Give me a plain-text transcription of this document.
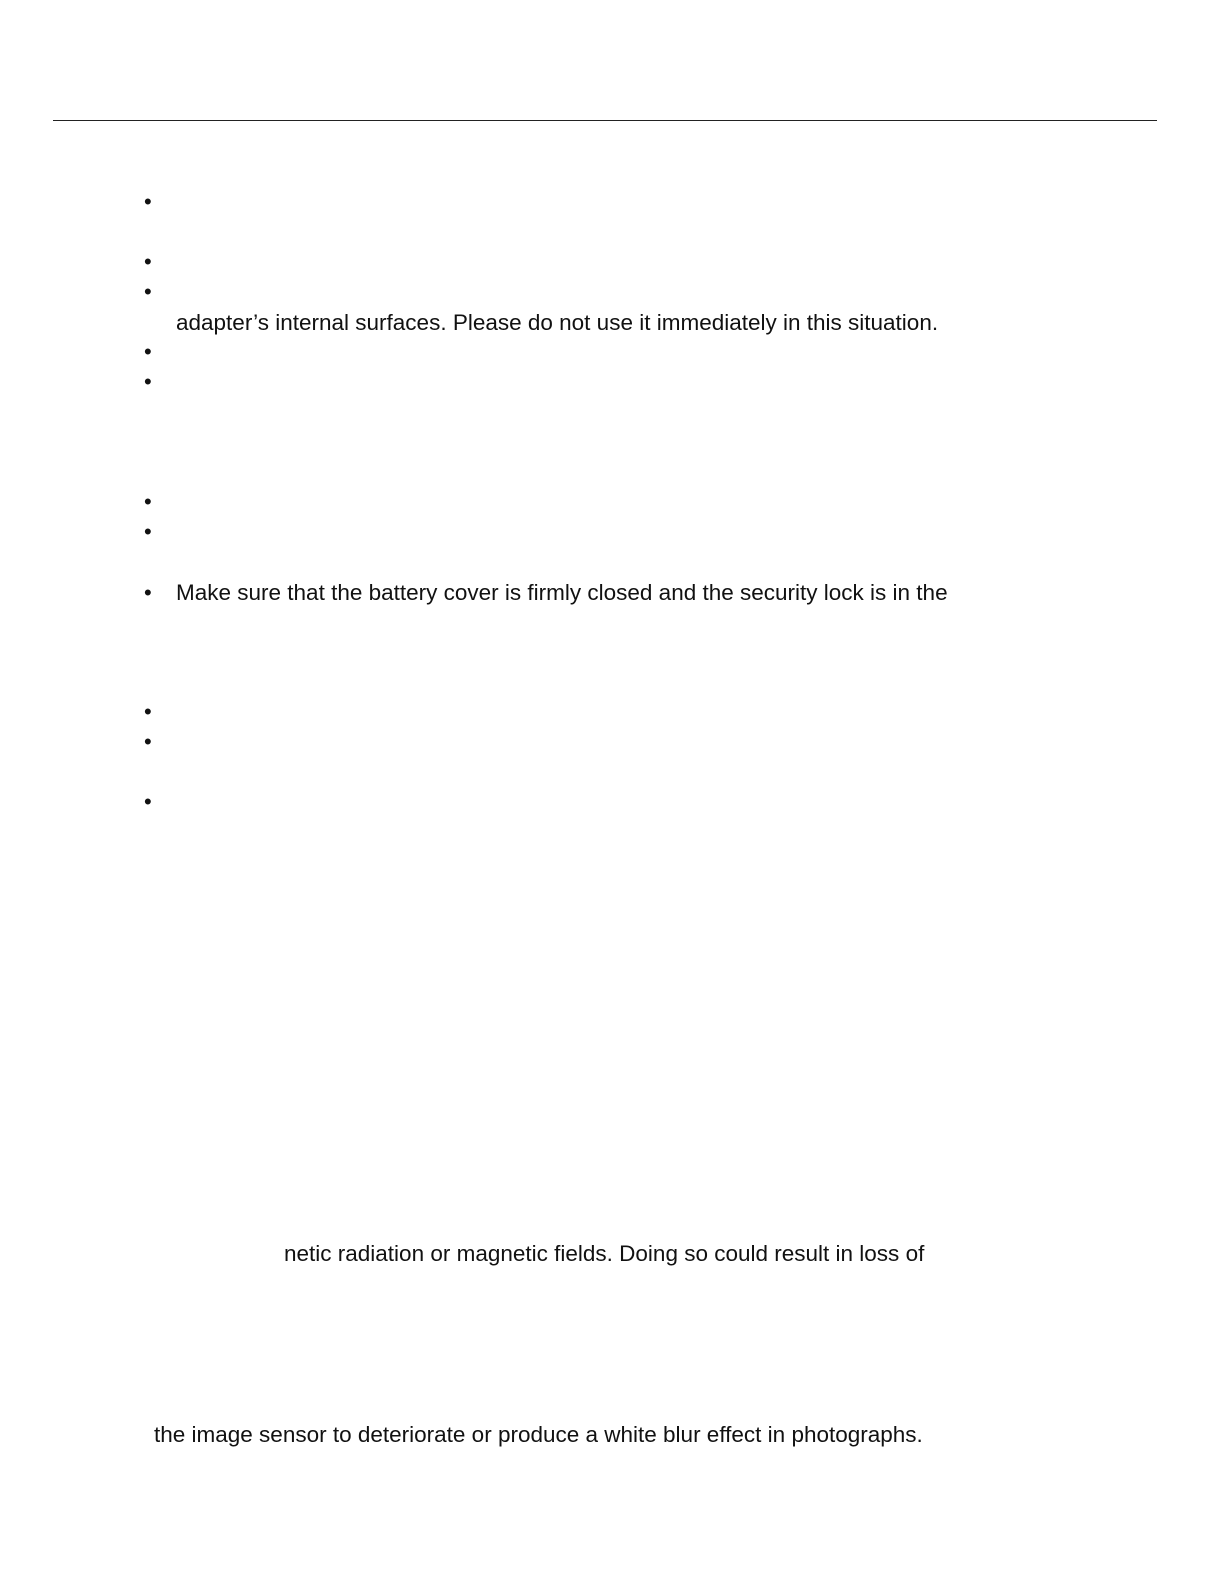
•
•
•
•
•
•
•
•
•
•
•
adapter’s internal surfaces. Please do not use it immediately in this situation.
Make sure that the battery cover is firmly closed and the security lock is in the
netic radiation or magnetic fields. Doing so could result in loss of
the image sensor to deteriorate or produce a white blur effect in photographs.
